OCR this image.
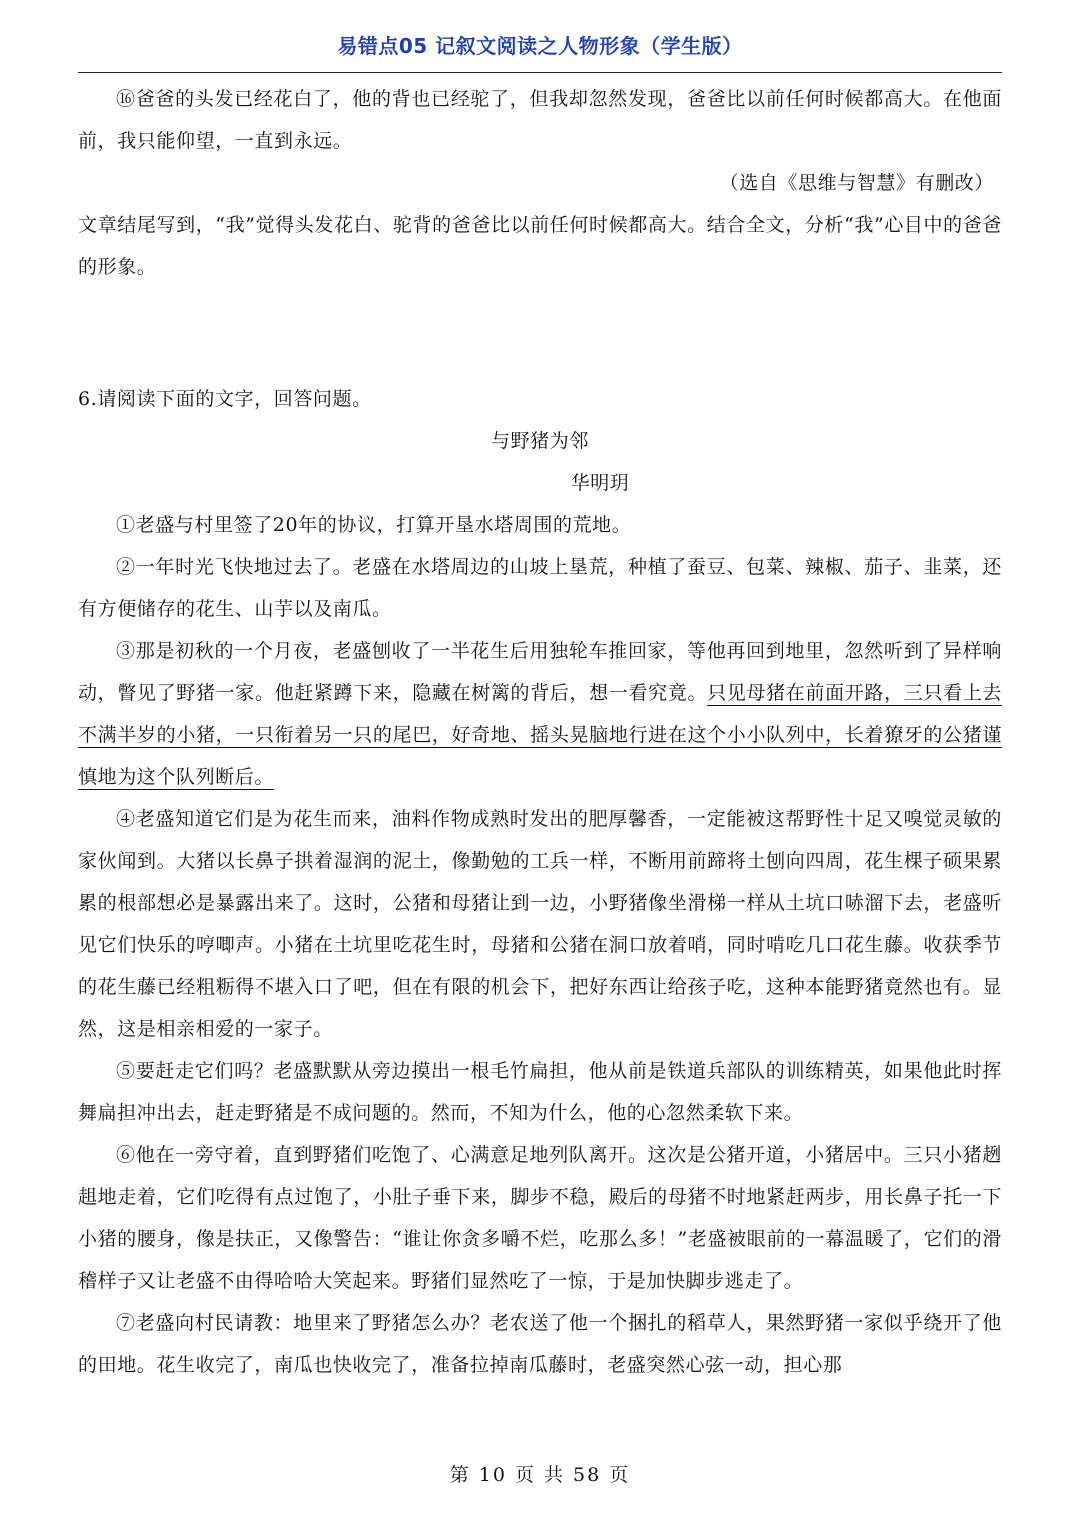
易错点05 记叙文阅读之人物形象（学生版）

⑯爸爸的头发已经花白了，他的背也已经驼了，但我却忽然发现，爸爸比以前任何时候都高大。在他面前，我只能仰望，一直到永远。

（选自《思维与智慧》有删改）

文章结尾写到，“我”觉得头发花白、驼背的爸爸比以前任何时候都高大。结合全文，分析“我”心目中的爸爸的形象。

6.请阅读下面的文字，回答问题。

与野猪为邻

华明玥

①老盛与村里签了20年的协议，打算开垦水塔周围的荒地。

②一年时光飞快地过去了。老盛在水塔周边的山坡上垦荒，种植了蚕豆、包菜、辣椒、茄子、韭菜，还有方便储存的花生、山芋以及南瓜。

③那是初秋的一个月夜，老盛刨收了一半花生后用独轮车推回家，等他再回到地里，忽然听到了异样响动，瞥见了野猪一家。他赶紧蹲下来，隐藏在树篱的背后，想一看究竟。只见母猪在前面开路，三只看上去不满半岁的小猪，一只衔着另一只的尾巴，好奇地、摇头晃脑地行进在这个小小队列中，长着獠牙的公猪谨慎地为这个队列断后。

④老盛知道它们是为花生而来，油料作物成熟时发出的肥厚馨香，一定能被这帮野性十足又嗅觉灵敏的家伙闻到。大猪以长鼻子拱着湿润的泥土，像勤勉的工兵一样，不断用前蹄将土刨向四周，花生棵子硕果累累的根部想必是暴露出来了。这时，公猪和母猪让到一边，小野猪像坐滑梯一样从土坑口哧溜下去，老盛听见它们快乐的哼唧声。小猪在土坑里吃花生时，母猪和公猪在洞口放着哨，同时啃吃几口花生藤。收获季节的花生藤已经粗粝得不堪入口了吧，但在有限的机会下，把好东西让给孩子吃，这种本能野猪竟然也有。显然，这是相亲相爱的一家子。

⑤要赶走它们吗？老盛默默从旁边摸出一根毛竹扁担，他从前是铁道兵部队的训练精英，如果他此时挥舞扁担冲出去，赶走野猪是不成问题的。然而，不知为什么，他的心忽然柔软下来。

⑥他在一旁守着，直到野猪们吃饱了、心满意足地列队离开。这次是公猪开道，小猪居中。三只小猪趔趄地走着，它们吃得有点过饱了，小肚子垂下来，脚步不稳，殿后的母猪不时地紧赶两步，用长鼻子托一下小猪的腰身，像是扶正，又像警告：“谁让你贪多嚼不烂，吃那么多！”老盛被眼前的一幕温暖了，它们的滑稽样子又让老盛不由得哈哈大笑起来。野猪们显然吃了一惊，于是加快脚步逃走了。

⑦老盛向村民请教：地里来了野猪怎么办？老农送了他一个捆扎的稻草人，果然野猪一家似乎绕开了他的田地。花生收完了，南瓜也快收完了，准备拉掉南瓜藤时，老盛突然心弦一动，担心那

第 10 页 共 58 页
